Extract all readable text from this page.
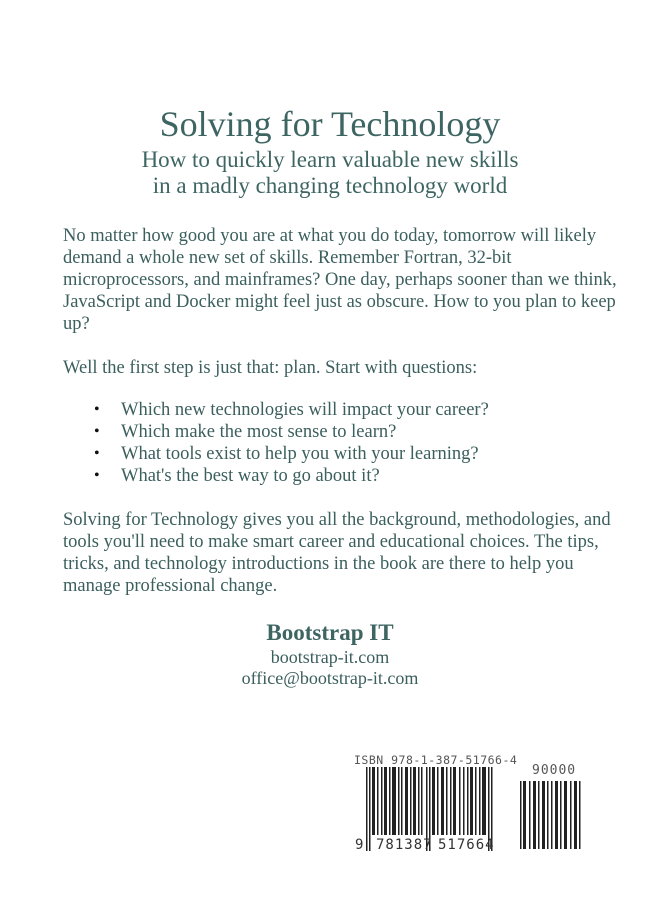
Solving for Technology
How to quickly learn valuable new skills
in a madly changing technology world
No matter how good you are at what you do today, tomorrow will likely demand a whole new set of skills. Remember Fortran, 32-bit microprocessors, and mainframes? One day, perhaps sooner than we think, JavaScript and Docker might feel just as obscure. How to you plan to keep up?
Well the first step is just that: plan. Start with questions:
• Which new technologies will impact your career?
• Which make the most sense to learn?
• What tools exist to help you with your learning?
• What's the best way to go about it?
Solving for Technology gives you all the background, methodologies, and tools you'll need to make smart career and educational choices. The tips, tricks, and technology introductions in the book are there to help you manage professional change.
Bootstrap IT
bootstrap-it.com
office@bootstrap-it.com
ISBN 978-1-387-51766-4
90000
9 781387 517664
